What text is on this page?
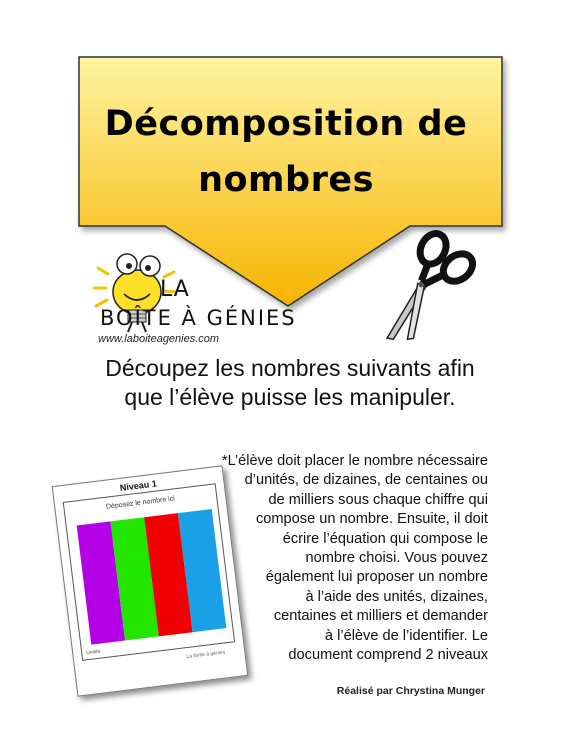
Décomposition de
nombres
LA
BOÎTE À GÉNIES
www.laboiteagenies.com
Découpez les nombres suivants afin
que l’élève puisse les manipuler.
Niveau 1
Déposez le nombre ici
Unités	La Boîte à génies
*L’élève doit placer le nombre nécessaire
d’unités, de dizaines, de centaines ou
de milliers sous chaque chiffre qui
compose un nombre. Ensuite, il doit
écrire l’équation qui compose le
nombre choisi. Vous pouvez
également lui proposer un nombre
à l’aide des unités, dizaines,
centaines et milliers et demander
à l’élève de l’identifier. Le
document comprend 2 niveaux
Réalisé par Chrystina Munger
